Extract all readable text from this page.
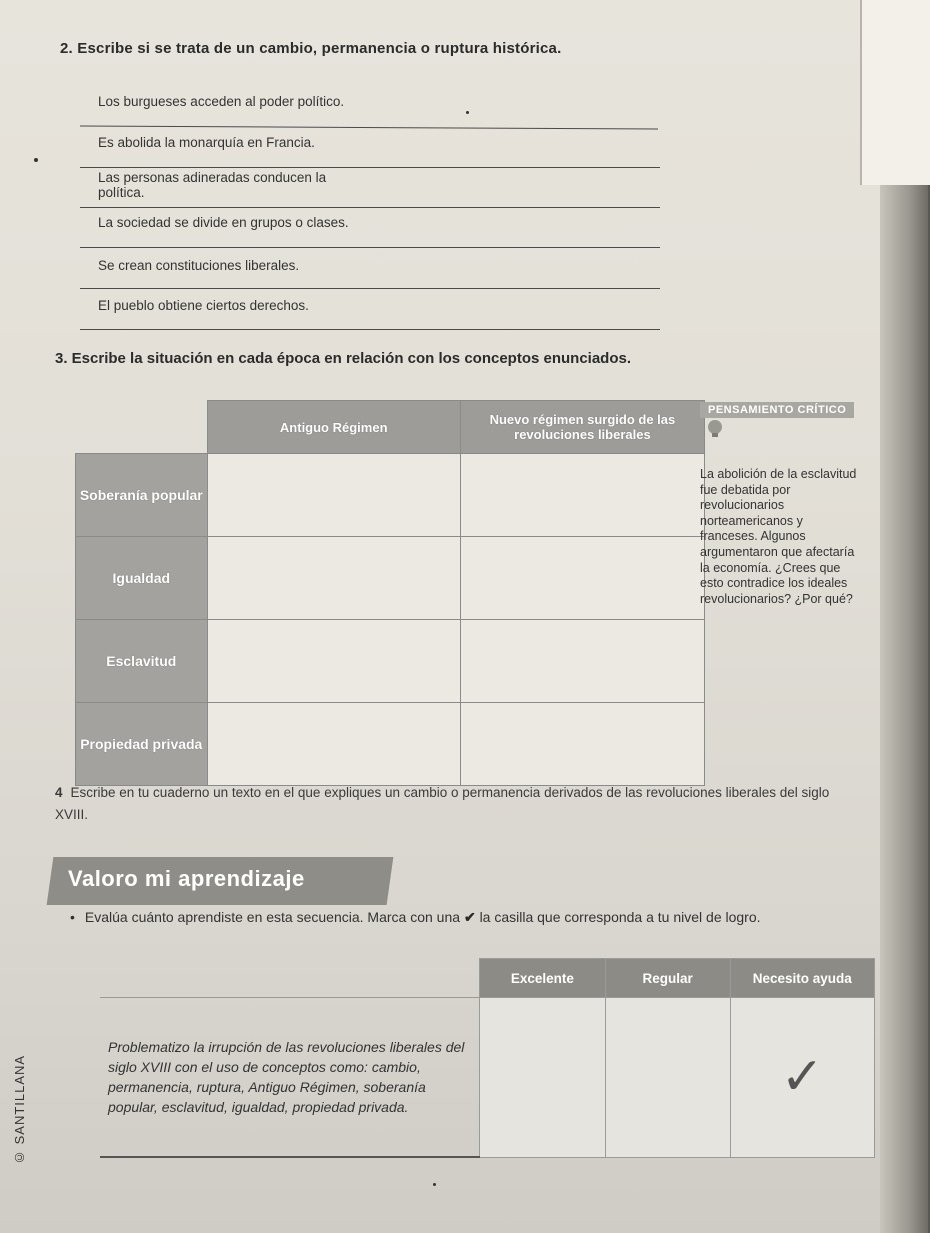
2. Escribe si se trata de un cambio, permanencia o ruptura histórica.
Los burgueses acceden al poder político.
Es abolida la monarquía en Francia.
Las personas adineradas conducen la política.
La sociedad se divide en grupos o clases.
Se crean constituciones liberales.
El pueblo obtiene ciertos derechos.
3. Escribe la situación en cada época en relación con los conceptos enunciados.
	Antiguo Régimen	Nuevo régimen surgido de las revoluciones liberales
Soberanía popular		
Igualdad		
Esclavitud		
Propiedad privada		
PENSAMIENTO CRÍTICO
La abolición de la esclavitud fue debatida por revolucionarios norteamericanos y franceses. Algunos argumentaron que afectaría la economía. ¿Crees que esto contradice los ideales revolucionarios? ¿Por qué?
4 Escribe en tu cuaderno un texto en el que expliques un cambio o permanencia derivados de las revoluciones liberales del siglo XVIII.
Valoro mi aprendizaje
• Evalúa cuánto aprendiste en esta secuencia. Marca con una ✔ la casilla que corresponda a tu nivel de logro.
	Excelente	Regular	Necesito ayuda
Problematizo la irrupción de las revoluciones liberales del siglo XVIII con el uso de conceptos como: cambio, permanencia, ruptura, Antiguo Régimen, soberanía popular, esclavitud, igualdad, propiedad privada.			✓
© SANTILLANA
